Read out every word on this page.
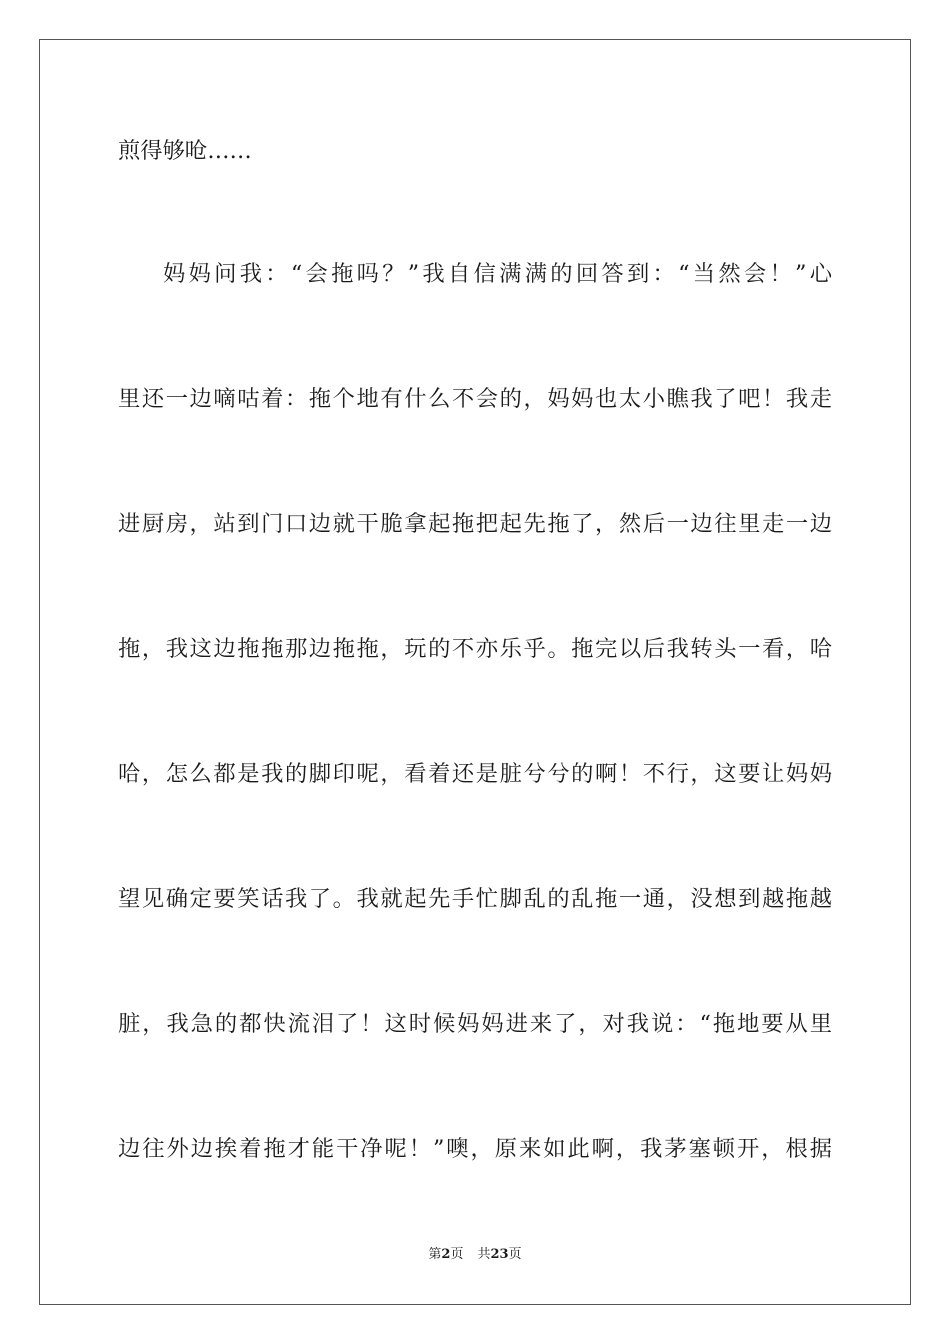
煎得够呛……
妈妈问我：“会拖吗？”我自信满满的回答到：“当然会！”心
里还一边嘀咕着：拖个地有什么不会的，妈妈也太小瞧我了吧！我走
进厨房，站到门口边就干脆拿起拖把起先拖了，然后一边往里走一边
拖，我这边拖拖那边拖拖，玩的不亦乐乎。拖完以后我转头一看，哈
哈，怎么都是我的脚印呢，看着还是脏兮兮的啊！不行，这要让妈妈
望见确定要笑话我了。我就起先手忙脚乱的乱拖一通，没想到越拖越
脏，我急的都快流泪了！这时候妈妈进来了，对我说：“拖地要从里
边往外边挨着拖才能干净呢！”噢，原来如此啊，我茅塞顿开，根据
第2页 共23页
